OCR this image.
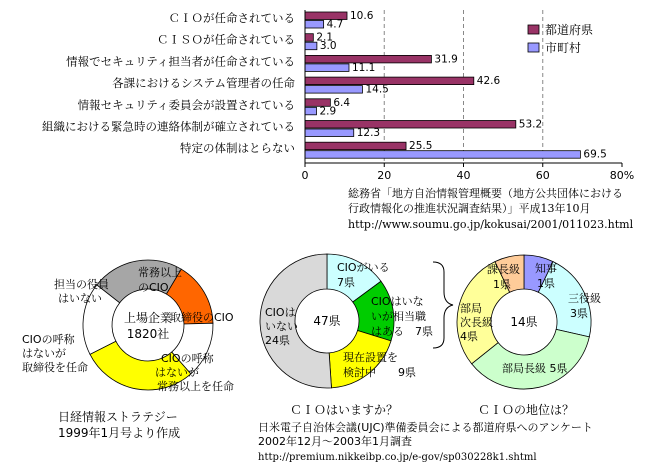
ＣＩＯが任命されている
ＣＩＳＯが任命されている
情報でセキュリティ担当者が任命されている
各課におけるシステム管理者の任命
情報セキュリティ委員会が設置されている
組織における緊急時の連絡体制が確立されている
特定の体制はとらない
10.6
4.7
2.1
3.0
31.9
11.1
42.6
14.5
6.4
2.9
53.2
12.3
25.5
69.5
0	20	40	60	80%
都道府県
市町村
総務省「地方自治情報管理概要（地方公共団体における
行政情報化の推進状況調査結果）」平成13年10月
http://www.soumu.go.jp/kokusai/2001/011023.html
上場企業
1820社
担当の役員
はいない
常務以上
のCIO
取締役のCIO
CIOの呼称
はないが
常務以上を任命
CIOの呼称
はないが
取締役を任命
日経情報ストラテジー
1999年1月号より作成
47県
CIOがいる
7県
CIOはいな
いが相当職
はある　7県
現在設置を
検討中　　9県
CIOは
いない
24県
ＣＩＯはいますか？
14県
知事
1県
三役級
3県
部局長級 5県
部局
次長級
4県
課長級
1県
ＣＩＯの地位は？
日米電子自治体会議(UJC)準備委員会による都道府県へのアンケート
2002年12月～2003年1月調査
http://premium.nikkeibp.co.jp/e-gov/sp030228k1.shtml
